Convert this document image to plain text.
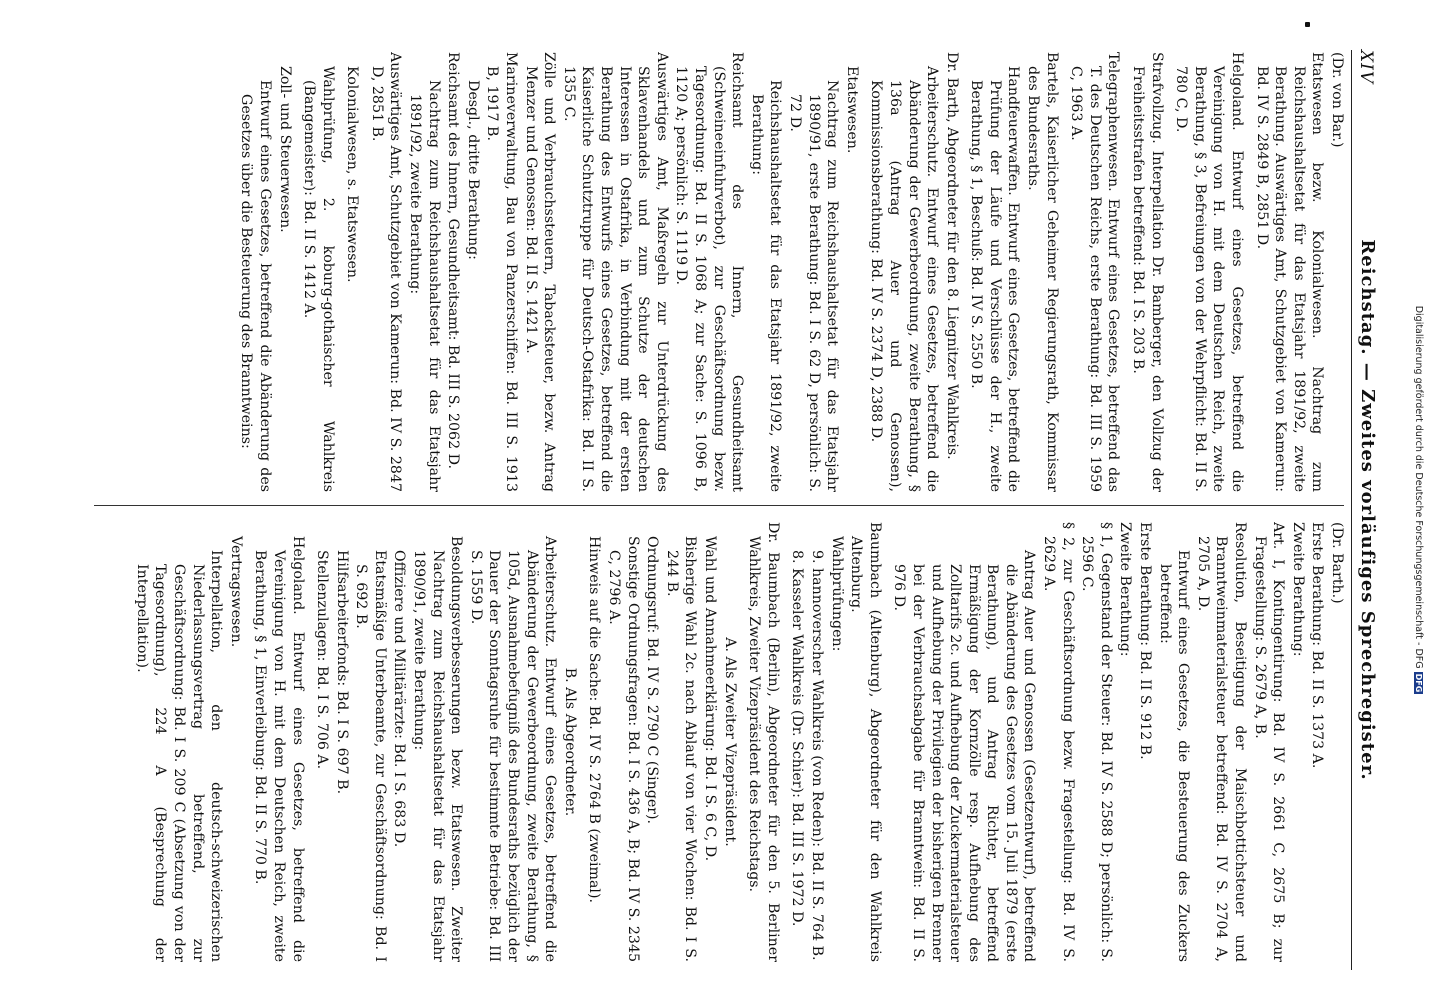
XIV
Reichstag. — Zweites vorläufiges Sprechregister.

(Dr. von Bar.)

Etatswesen bezw. Kolonialwesen. Nachtrag zum Reichshaushaltsetat für das Etatsjahr 1891/92, zweite Berathung. Auswärtiges Amt, Schutzgebiet von Kamerun: Bd. IV S. 2849 B, 2851 D.

Helgoland. Entwurf eines Gesetzes, betreffend die Vereinigung von H. mit dem Deutschen Reich, zweite Berathung, § 3, Befreiungen von der Wehrpflicht: Bd. II S. 780 C, D.

Strafvollzug. Interpellation Dr. Bamberger, den Vollzug der Freiheitsstrafen betreffend: Bd. I S. 203 B.

Telegraphenwesen. Entwurf eines Gesetzes, betreffend das T. des Deutschen Reichs, erste Berathung: Bd. III S. 1959 C, 1963 A.

Bartels, Kaiserlicher Geheimer Regierungsrath, Kommissar des Bundesraths.

Handfeuerwaffen. Entwurf eines Gesetzes, betreffend die Prüfung der Läufe und Verschlüsse der H., zweite Berathung, § 1, Beschuß: Bd. IV S. 2550 B.

Dr. Barth, Abgeordneter für den 8. Liegnitzer Wahlkreis.

Arbeiterschutz. Entwurf eines Gesetzes, betreffend die Abänderung der Gewerbeordnung, zweite Berathung, § 136a (Antrag Auer und Genossen), Kommissionsberathung: Bd. IV S. 2374 D, 2388 D.

Etatswesen.

Nachtrag zum Reichshaushaltsetat für das Etatsjahr 1890/91, erste Berathung: Bd. I S. 62 D, persönlich: S. 72 D.

Reichshaushaltsetat für das Etatsjahr 1891/92, zweite Berathung:

Reichsamt des Innern, Gesundheitsamt (Schweineeinfuhrverbot), zur Geschäftsordnung bezw. Tagesordnung: Bd. II S. 1068 A; zur Sache: S. 1096 B, 1120 A; persönlich: S. 1119 D.

Auswärtiges Amt, Maßregeln zur Unterdrückung des Sklavenhandels und zum Schutze der deutschen Interessen in Ostafrika, in Verbindung mit der ersten Berathung des Entwurfs eines Gesetzes, betreffend die Kaiserliche Schutztruppe für Deutsch-Ostafrika: Bd. II S. 1355 C.

Zölle und Verbrauchssteuern, Tabacksteuer, bezw. Antrag Menzer und Genossen: Bd. II S. 1421 A.

Marineverwaltung, Bau von Panzerschiffen: Bd. III S. 1913 B, 1917 B.

Desgl., dritte Berathung:

Reichsamt des Innern, Gesundheitsamt: Bd. III S. 2062 D.

Nachtrag zum Reichshaushaltsetat für das Etatsjahr 1891/92, zweite Berathung:

Auswärtiges Amt, Schutzgebiet von Kamerun: Bd. IV S. 2847 D, 2851 B.

Kolonialwesen, s. Etatswesen.

Wahlprüfung, 2. koburg-gothaischer Wahlkreis (Bangemeister): Bd. II S. 1412 A.

Zoll- und Steuerwesen.

Entwurf eines Gesetzes, betreffend die Abänderung des Gesetzes über die Besteuerung des Branntweins:

(Dr. Barth.)

Erste Berathung: Bd. II S. 1373 A.

Zweite Berathung:

Art. I, Kontingentirung: Bd. IV S. 2661 C, 2675 B; zur Fragestellung: S. 2679 A, B.

Resolution, Beseitigung der Maischbottichsteuer und Branntweinmaterialsteuer betreffend: Bd. IV S. 2704 A, 2705 A, D.

Entwurf eines Gesetzes, die Besteuerung des Zuckers betreffend:

Erste Berathung: Bd. II S. 912 B.

Zweite Berathung:

§ 1, Gegenstand der Steuer: Bd. IV S. 2588 D; persönlich: S. 2596 C.

§ 2, zur Geschäftsordnung bezw. Fragestellung: Bd. IV S. 2629 A.

Antrag Auer und Genossen (Gesetzentwurf), betreffend die Abänderung des Gesetzes vom 15. Juli 1879 (erste Berathung), und Antrag Richter, betreffend Ermäßigung der Kornzölle resp. Aufhebung des Zolltarifs 2c. und Aufhebung der Zuckermaterialsteuer und Aufhebung der Privilegien der bisherigen Brenner bei der Verbrauchsabgabe für Branntwein: Bd. II S. 976 D.

Baumbach (Altenburg), Abgeordneter für den Wahlkreis Altenburg.

Wahlprüfungen:

9. hannoverscher Wahlkreis (von Reden): Bd. II S. 764 B.

8. Kasseler Wahlkreis (Dr. Schier): Bd. III S. 1972 D.

Dr. Baumbach (Berlin), Abgeordneter für den 5. Berliner Wahlkreis, Zweiter Vizepräsident des Reichstags.

A. Als Zweiter Vizepräsident.

Wahl und Annahmeerklärung: Bd. I S. 6 C, D.

Bisherige Wahl 2c. nach Ablauf von vier Wochen: Bd. I S. 244 B.

Ordnungsruf: Bd. IV S. 2790 C (Singer).

Sonstige Ordnungsfragen: Bd. I S. 436 A, B; Bd. IV S. 2345 C, 2796 A.

Hinweis auf die Sache: Bd. IV S. 2764 B (zweimal).

B. Als Abgeordneter.

Arbeiterschutz. Entwurf eines Gesetzes, betreffend die Abänderung der Gewerbeordnung, zweite Berathung, § 105d, Ausnahmebefugniß des Bundesraths bezüglich der Dauer der Sonntagsruhe für bestimmte Betriebe: Bd. III S. 1559 D.

Besoldungsverbesserungen bezw. Etatswesen. Zweiter Nachtrag zum Reichshaushaltsetat für das Etatsjahr 1890/91, zweite Berathung:

Offiziere und Militärärzte: Bd. I S. 683 D.

Etatsmäßige Unterbeamte, zur Geschäftsordnung: Bd. I S. 692 B.

Hilfsarbeiterfonds: Bd. I S. 697 B.

Stellenzulagen: Bd. I S. 706 A.

Helgoland. Entwurf eines Gesetzes, betreffend die Vereinigung von H. mit dem Deutschen Reich, zweite Berathung, § 1, Einverleibung: Bd. II S. 770 B.

Vertragswesen.

Interpellation, den deutsch-schweizerischen Niederlassungsvertrag betreffend, zur Geschäftsordnung: Bd. I S. 209 C (Absetzung von der Tagesordnung), 224 A (Besprechung der Interpellation).	Digitalisierung gefördert durch die Deutsche Forschungsgemeinschaft - DFGDFG
